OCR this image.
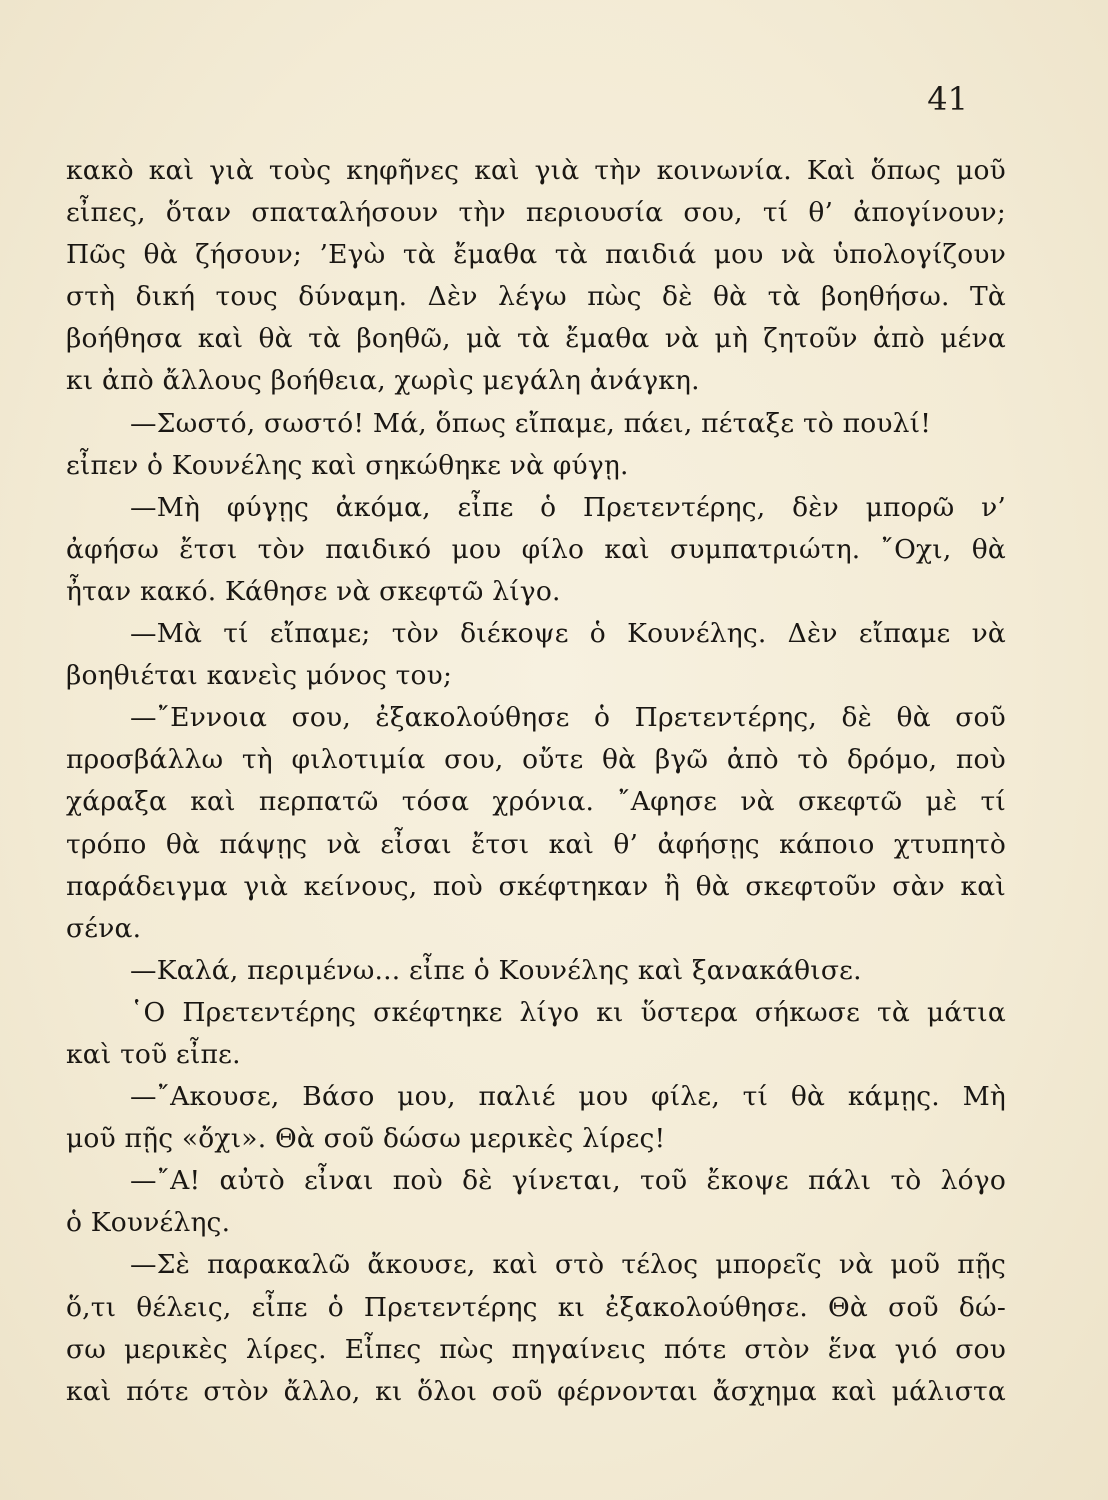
41
κακὸ καὶ γιὰ τοὺς κηφῆνες καὶ γιὰ τὴν κοινωνία. Καὶ ὅπως μοῦ
εἶπες, ὅταν σπαταλήσουν τὴν περιουσία σου, τί θ’ ἀπογίνουν;
Πῶς θὰ ζήσουν; ’Εγὼ τὰ ἔμαθα τὰ παιδιά μου νὰ ὑπολογίζουν
στὴ δική τους δύναμη. Δὲν λέγω πὼς δὲ θὰ τὰ βοηθήσω. Τὰ
βοήθησα καὶ θὰ τὰ βοηθῶ, μὰ τὰ ἔμαθα νὰ μὴ ζητοῦν ἀπὸ μένα
κι ἀπὸ ἄλλους βοήθεια, χωρὶς μεγάλη ἀνάγκη.
—Σωστό, σωστό! Μά, ὅπως εἴπαμε, πάει, πέταξε τὸ πουλί!
εἶπεν ὁ Κουνέλης καὶ σηκώθηκε νὰ φύγῃ.
—Μὴ φύγῃς ἀκόμα, εἶπε ὁ Πρετεντέρης, δὲν μπορῶ ν’
ἀφήσω ἔτσι τὸν παιδικό μου φίλο καὶ συμπατριώτη. ῎Οχι, θὰ
ἦταν κακό. Κάθησε νὰ σκεφτῶ λίγο.
—Μὰ τί εἴπαμε; τὸν διέκοψε ὁ Κουνέλης. Δὲν εἴπαμε νὰ
βοηθιέται κανεὶς μόνος του;
—῎Εννοια σου, ἐξακολούθησε ὁ Πρετεντέρης, δὲ θὰ σοῦ
προσβάλλω τὴ φιλοτιμία σου, οὔτε θὰ βγῶ ἀπὸ τὸ δρόμο, ποὺ
χάραξα καὶ περπατῶ τόσα χρόνια. ῎Αφησε νὰ σκεφτῶ μὲ τί
τρόπο θὰ πάψῃς νὰ εἶσαι ἔτσι καὶ θ’ ἀφήσῃς κάποιο χτυπητὸ
παράδειγμα γιὰ κείνους, ποὺ σκέφτηκαν ἢ θὰ σκεφτοῦν σὰν καὶ
σένα.
—Καλά, περιμένω... εἶπε ὁ Κουνέλης καὶ ξανακάθισε.
῾Ο Πρετεντέρης σκέφτηκε λίγο κι ὕστερα σήκωσε τὰ μάτια
καὶ τοῦ εἶπε.
—῎Ακουσε, Βάσο μου, παλιέ μου φίλε, τί θὰ κάμῃς. Μὴ
μοῦ πῇς «ὄχι». Θὰ σοῦ δώσω μερικὲς λίρες!
—῎Α! αὐτὸ εἶναι ποὺ δὲ γίνεται, τοῦ ἔκοψε πάλι τὸ λόγο
ὁ Κουνέλης.
—Σὲ παρακαλῶ ἄκουσε, καὶ στὸ τέλος μπορεῖς νὰ μοῦ πῇς
ὅ,τι θέλεις, εἶπε ὁ Πρετεντέρης κι ἐξακολούθησε. Θὰ σοῦ δώ-
σω μερικὲς λίρες. Εἶπες πὼς πηγαίνεις πότε στὸν ἕνα γιό σου
καὶ πότε στὸν ἄλλο, κι ὅλοι σοῦ φέρνονται ἄσχημα καὶ μάλιστα
